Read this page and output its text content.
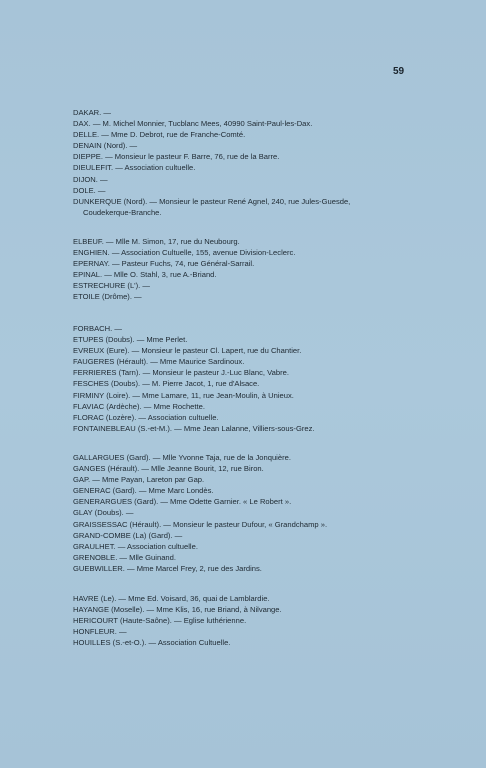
59
DAKAR. —
DAX. — M. Michel Monnier, Tucblanc Mees, 40990 Saint-Paul-les-Dax.
DELLE. — Mme D. Debrot, rue de Franche-Comté.
DENAIN (Nord). —
DIEPPE. — Monsieur le pasteur F. Barre, 76, rue de la Barre.
DIEULEFIT. — Association cultuelle.
DIJON. —
DOLE. —
DUNKERQUE (Nord). — Monsieur le pasteur René Agnel, 240, rue Jules-Guesde,
Coudekerque-Branche.
ELBEUF. — Mlle M. Simon, 17, rue du Neubourg.
ENGHIEN. — Association Cultuelle, 155, avenue Division-Leclerc.
EPERNAY. — Pasteur Fuchs, 74, rue Général-Sarrail.
EPINAL. — Mlle O. Stahl, 3, rue A.-Briand.
ESTRECHURE (L'). —
ETOILE (Drôme). —
FORBACH. —
ETUPES (Doubs). — Mme Perlet.
EVREUX (Eure). — Monsieur le pasteur Cl. Lapert, rue du Chantier.
FAUGERES (Hérault). — Mme Maurice Sardinoux.
FERRIERES (Tarn). — Monsieur le pasteur J.-Luc Blanc, Vabre.
FESCHES (Doubs). — M. Pierre Jacot, 1, rue d'Alsace.
FIRMINY (Loire). — Mme Lamare, 11, rue Jean-Moulin, à Unieux.
FLAVIAC (Ardèche). — Mme Rochette.
FLORAC (Lozère). — Association cultuelle.
FONTAINEBLEAU (S.-et-M.). — Mme Jean Lalanne, Villiers-sous-Grez.
GALLARGUES (Gard). — Mlle Yvonne Taja, rue de la Jonquière.
GANGES (Hérault). — Mlle Jeanne Bourit, 12, rue Biron.
GAP. — Mme Payan, Lareton par Gap.
GENERAC (Gard). — Mme Marc Londès.
GENERARGUES (Gard). — Mme Odette Garnier. « Le Robert ».
GLAY (Doubs). —
GRAISSESSAC (Hérault). — Monsieur le pasteur Dufour, « Grandchamp ».
GRAND-COMBE (La) (Gard). —
GRAULHET. — Association cultuelle.
GRENOBLE. — Mlle Guinand.
GUEBWILLER. — Mme Marcel Frey, 2, rue des Jardins.
HAVRE (Le). — Mme Ed. Voisard, 36, quai de Lamblardie.
HAYANGE (Moselle). — Mme Klis, 16, rue Briand, à Nilvange.
HERICOURT (Haute-Saône). — Eglise luthérienne.
HONFLEUR. —
HOUILLES (S.-et-O.). — Association Cultuelle.
